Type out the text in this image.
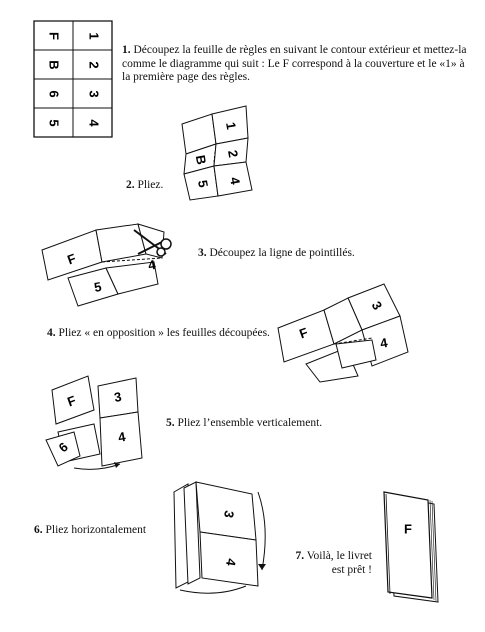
F 1
B 2
6 3
5 4
1. Découpez la feuille de règles en suivant le contour extérieur et mettez-la comme le diagramme qui suit : Le F correspond à la couverture et le «1» à la première page des règles.
1
B
2
5 4
2. Pliez.
F	4
5
3. Découpez la ligne de pointillés.
4. Pliez « en opposition » les feuilles découpées. F
3
4
F	3
4
6
5. Pliez l’ensemble verticalement.
6. Pliez horizontalement
3
4
7. Voilà, le livret est prêt !
F
